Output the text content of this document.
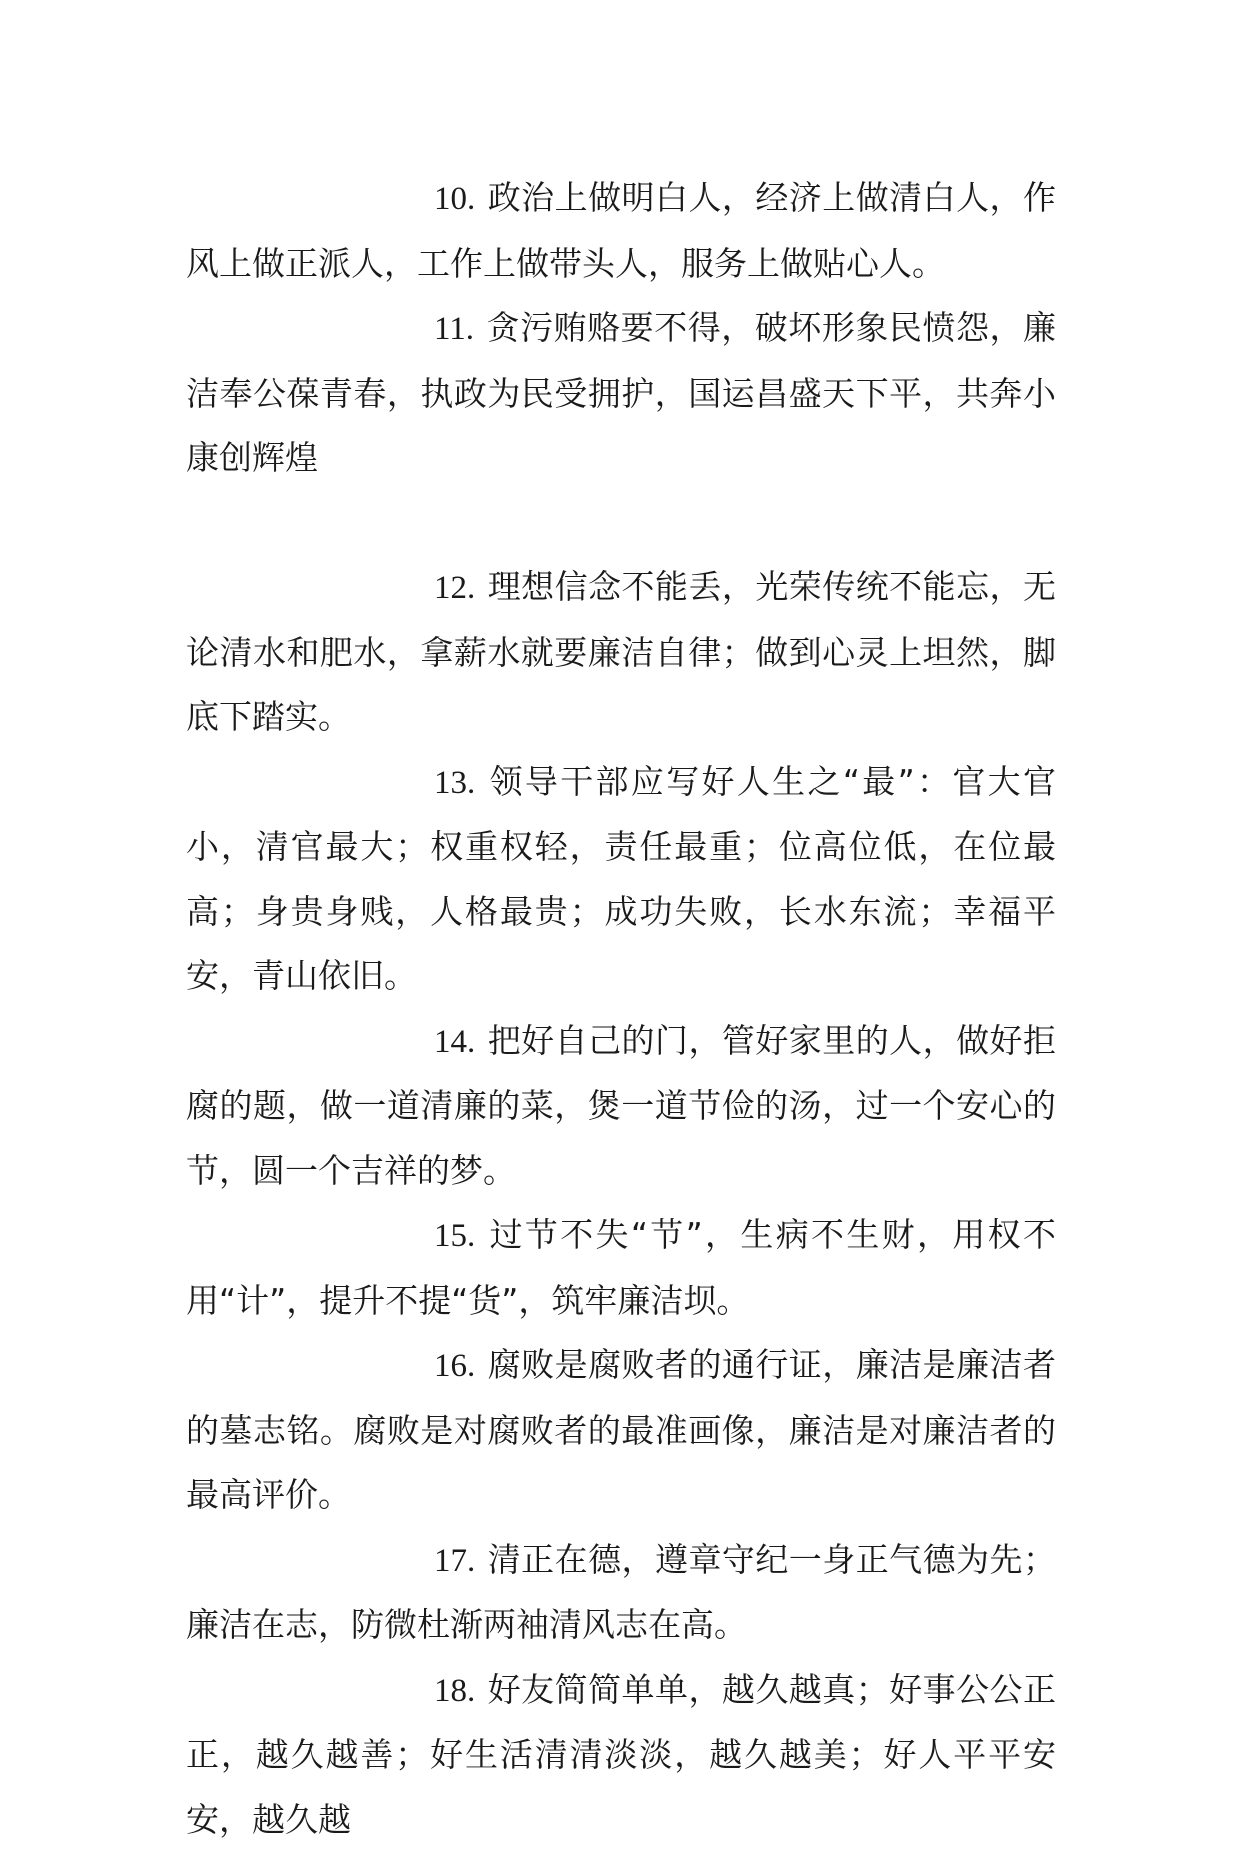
10. 政治上做明白人，经济上做清白人，作风上做正派人，工作上做带头人，服务上做贴心人。

11. 贪污贿赂要不得，破坏形象民愤怨，廉洁奉公葆青春，执政为民受拥护，国运昌盛天下平，共奔小康创辉煌

12. 理想信念不能丢，光荣传统不能忘，无论清水和肥水，拿薪水就要廉洁自律；做到心灵上坦然，脚底下踏实。

13. 领导干部应写好人生之“最”：官大官小，清官最大；权重权轻，责任最重；位高位低，在位最高；身贵身贱，人格最贵；成功失败，长水东流；幸福平安，青山依旧。

14. 把好自己的门，管好家里的人，做好拒腐的题，做一道清廉的菜，煲一道节俭的汤，过一个安心的节，圆一个吉祥的梦。

15. 过节不失“节”，生病不生财，用权不用“计”，提升不提“货”，筑牢廉洁坝。

16. 腐败是腐败者的通行证，廉洁是廉洁者的墓志铭。腐败是对腐败者的最准画像，廉洁是对廉洁者的最高评价。

17. 清正在德，遵章守纪一身正气德为先；廉洁在志，防微杜渐两袖清风志在高。

18. 好友简简单单，越久越真；好事公公正正，越久越善；好生活清清淡淡，越久越美；好人平平安安，越久越
